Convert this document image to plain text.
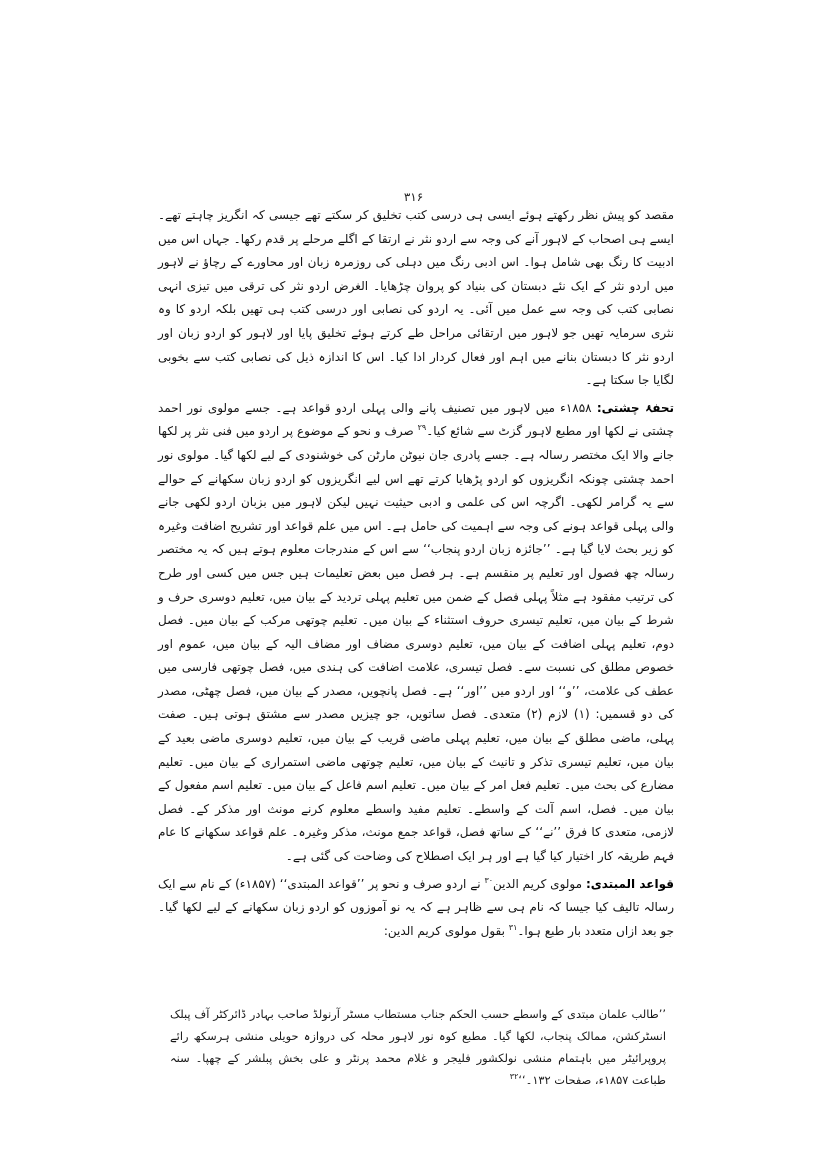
۳۱۶

مقصد کو پیش نظر رکھتے ہوئے ایسی ہی درسی کتب تخلیق کر سکتے تھے جیسی کہ انگریز چاہتے تھے۔ ایسے ہی اصحاب کے لاہور آنے کی وجہ سے اردو نثر نے ارتقا کے اگلے مرحلے پر قدم رکھا۔ جہاں اس میں ادبیت کا رنگ بھی شامل ہوا۔ اس ادبی رنگ میں دہلی کی روزمرہ زبان اور محاورے کے رچاؤ نے لاہور میں اردو نثر کے ایک نئے دبستان کی بنیاد کو پروان چڑھایا۔ الغرض اردو نثر کی ترقی میں تیزی انہی نصابی کتب کی وجہ سے عمل میں آئی۔ یہ اردو کی نصابی اور درسی کتب ہی تھیں بلکہ اردو کا وہ نثری سرمایہ تھیں جو لاہور میں ارتقائی مراحل طے کرتے ہوئے تخلیق پایا اور لاہور کو اردو زبان اور اردو نثر کا دبستان بنانے میں اہم اور فعال کردار ادا کیا۔ اس کا اندازہ ذیل کی نصابی کتب سے بخوبی لگایا جا سکتا ہے۔

تحفۂ چشتی: ۱۸۵۸ء میں لاہور میں تصنیف پانے والی پہلی اردو قواعد ہے۔ جسے مولوی نور احمد چشتی نے لکھا اور مطبع لاہور گزٹ سے شائع کیا۔$^{۲۹}$ صرف و نحو کے موضوع پر اردو میں فنی نثر پر لکھا جانے والا ایک مختصر رسالہ ہے۔ جسے پادری جان نیوٹن مارٹن کی خوشنودی کے لیے لکھا گیا۔ مولوی نور احمد چشتی چونکہ انگریزوں کو اردو پڑھایا کرتے تھے اس لیے انگریزوں کو اردو زبان سکھانے کے حوالے سے یہ گرامر لکھی۔ اگرچہ اس کی علمی و ادبی حیثیت نہیں لیکن لاہور میں بزبان اردو لکھی جانے والی پہلی قواعد ہونے کی وجہ سے اہمیت کی حامل ہے۔ اس میں علم قواعد اور تشریح اضافت وغیرہ کو زیر بحث لایا گیا ہے۔ ’’جائزہ زبان اردو پنجاب‘‘ سے اس کے مندرجات معلوم ہوتے ہیں کہ یہ مختصر رسالہ چھ فصول اور تعلیم پر منقسم ہے۔ ہر فصل میں بعض تعلیمات ہیں جس میں کسی اور طرح کی ترتیب مفقود ہے مثلاً پہلی فصل کے ضمن میں تعلیم پہلی تردید کے بیان میں، تعلیم دوسری حرف و شرط کے بیان میں، تعلیم تیسری حروف استثناء کے بیان میں۔ تعلیم چوتھی مرکب کے بیان میں۔ فصل دوم، تعلیم پہلی اضافت کے بیان میں، تعلیم دوسری مضاف اور مضاف الیہ کے بیان میں، عموم اور خصوص مطلق کی نسبت سے۔ فصل تیسری، علامت اضافت کی ہندی میں، فصل چوتھی فارسی میں عطف کی علامت، ’’و‘‘ اور اردو میں ’’اور‘‘ ہے۔ فصل پانچویں، مصدر کے بیان میں، فصل چھٹی، مصدر کی دو قسمیں: (۱) لازم (۲) متعدی۔ فصل ساتویں، جو چیزیں مصدر سے مشتق ہوتی ہیں۔ صفت پہلی، ماضی مطلق کے بیان میں، تعلیم پہلی ماضی قریب کے بیان میں، تعلیم دوسری ماضی بعید کے بیان میں، تعلیم تیسری تذکر و تانیث کے بیان میں، تعلیم چوتھی ماضی استمراری کے بیان میں۔ تعلیم مضارع کی بحث میں۔ تعلیم فعل امر کے بیان میں۔ تعلیم اسم فاعل کے بیان میں۔ تعلیم اسم مفعول کے بیان میں۔ فصل، اسم آلت کے واسطے۔ تعلیم مفید واسطے معلوم کرنے مونث اور مذکر کے۔ فصل لازمی، متعدی کا فرق ’’نے‘‘ کے ساتھ فصل، قواعد جمع مونث، مذکر وغیرہ۔ علم قواعد سکھانے کا عام فہم طریقہ کار اختیار کیا گیا ہے اور ہر ایک اصطلاح کی وضاحت کی گئی ہے۔

قواعد المبتدی: مولوی کریم الدین$^{۳۰}$ نے اردو صرف و نحو پر ’’قواعد المبتدی‘‘ (۱۸۵۷ء) کے نام سے ایک رسالہ تالیف کیا جیسا کہ نام ہی سے ظاہر ہے کہ یہ نو آموزوں کو اردو زبان سکھانے کے لیے لکھا گیا۔ جو بعد ازاں متعدد بار طبع ہوا۔$^{۳۱}$ بقول مولوی کریم الدین:

’’طالب علمان مبتدی کے واسطے حسب الحکم جناب مستطاب مسٹر آرنولڈ صاحب بہادر ڈائرکٹر آف پبلک انسٹرکشن، ممالک پنجاب، لکھا گیا۔ مطبع کوہ نور لاہور محلہ کی دروازہ حویلی منشی ہرسکھ رائے پروپرائیٹر میں باہتمام منشی نولکشور فلیجر و غلام محمد پرنٹر و علی بخش پبلشر کے چھپا۔ سنہ طباعت ۱۸۵۷ء، صفحات ۱۳۲۔‘‘$^{۳۲}$
